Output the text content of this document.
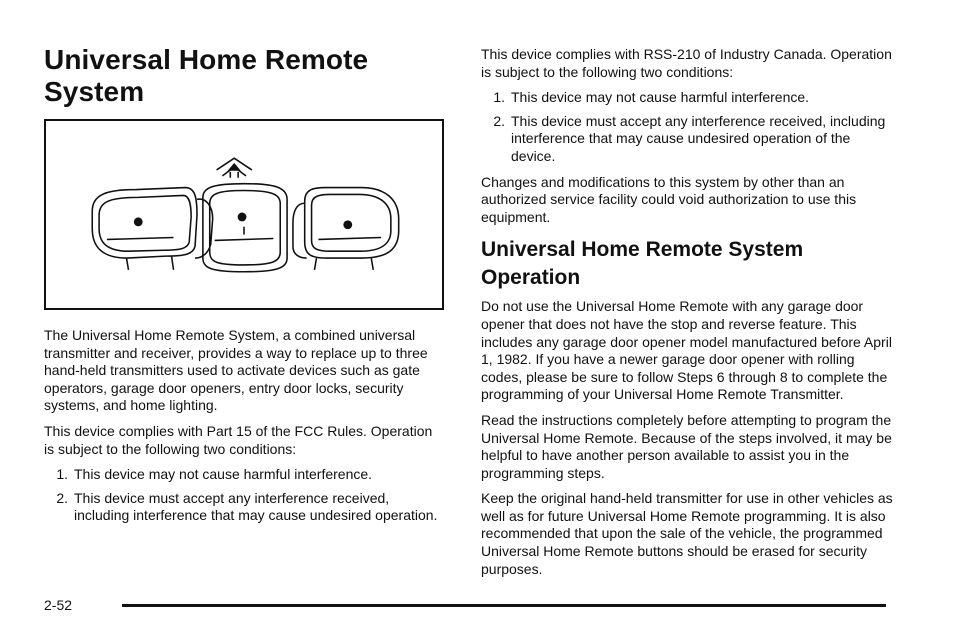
Universal Home Remote System

The Universal Home Remote System, a combined universal transmitter and receiver, provides a way to replace up to three hand-held transmitters used to activate devices such as gate operators, garage door openers, entry door locks, security systems, and home lighting.

This device complies with Part 15 of the FCC Rules. Operation is subject to the following two conditions:

1. This device may not cause harmful interference.
2. This device must accept any interference received, including interference that may cause undesired operation.

This device complies with RSS-210 of Industry Canada. Operation is subject to the following two conditions:

1. This device may not cause harmful interference.
2. This device must accept any interference received, including interference that may cause undesired operation of the device.

Changes and modifications to this system by other than an authorized service facility could void authorization to use this equipment.

Universal Home Remote System Operation

Do not use the Universal Home Remote with any garage door opener that does not have the stop and reverse feature. This includes any garage door opener model manufactured before April 1, 1982. If you have a newer garage door opener with rolling codes, please be sure to follow Steps 6 through 8 to complete the programming of your Universal Home Remote Transmitter.

Read the instructions completely before attempting to program the Universal Home Remote. Because of the steps involved, it may be helpful to have another person available to assist you in the programming steps.

Keep the original hand-held transmitter for use in other vehicles as well as for future Universal Home Remote programming. It is also recommended that upon the sale of the vehicle, the programmed Universal Home Remote buttons should be erased for security purposes.

2-52
